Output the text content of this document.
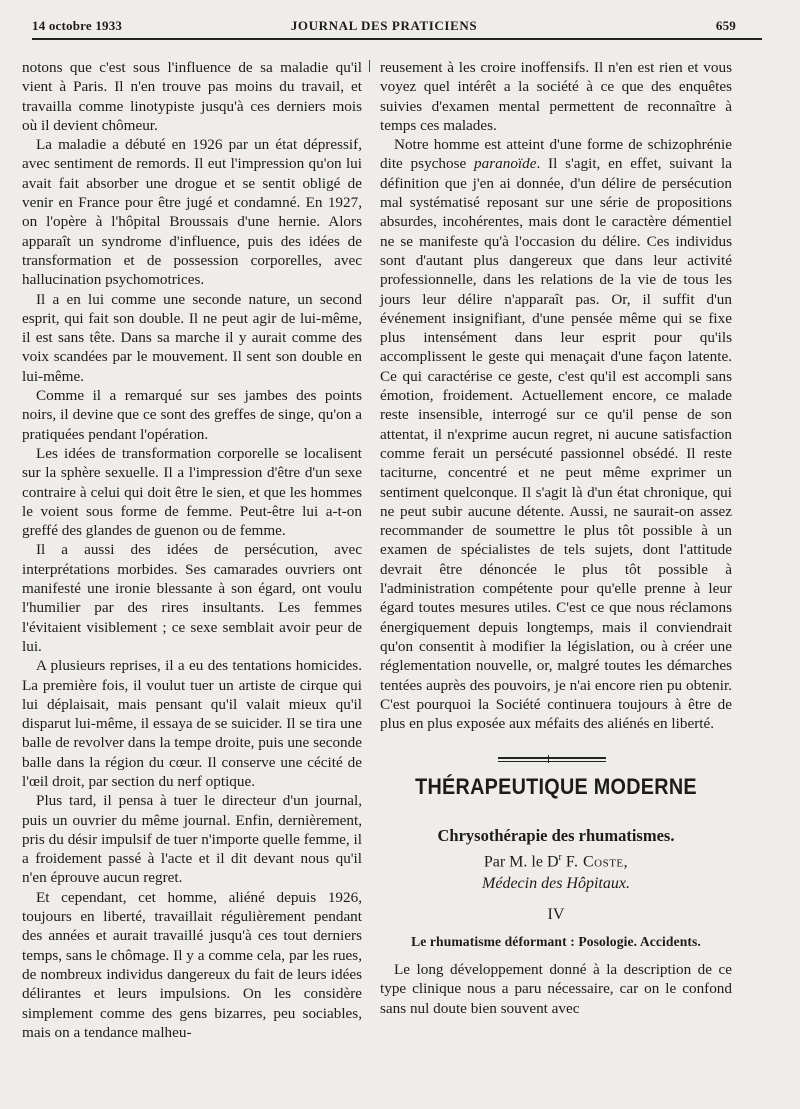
14 octobre 1933	JOURNAL DES PRATICIENS	659

notons que c'est sous l'influence de sa maladie qu'il vient à Paris. Il n'en trouve pas moins du travail, et travailla comme linotypiste jusqu'à ces derniers mois où il devient chômeur.

La maladie a débuté en 1926 par un état dépressif, avec sentiment de remords. Il eut l'impression qu'on lui avait fait absorber une drogue et se sentit obligé de venir en France pour être jugé et condamné. En 1927, on l'opère à l'hôpital Broussais d'une hernie. Alors apparaît un syndrome d'influence, puis des idées de transformation et de possession corporelles, avec hallucination psychomotrices.

Il a en lui comme une seconde nature, un second esprit, qui fait son double. Il ne peut agir de lui-même, il est sans tête. Dans sa marche il y aurait comme des voix scandées par le mouvement. Il sent son double en lui-même.

Comme il a remarqué sur ses jambes des points noirs, il devine que ce sont des greffes de singe, qu'on a pratiquées pendant l'opération.

Les idées de transformation corporelle se localisent sur la sphère sexuelle. Il a l'impression d'être d'un sexe contraire à celui qui doit être le sien, et que les hommes le voient sous forme de femme. Peut-être lui a-t-on greffé des glandes de guenon ou de femme.

Il a aussi des idées de persécution, avec interprétations morbides. Ses camarades ouvriers ont manifesté une ironie blessante à son égard, ont voulu l'humilier par des rires insultants. Les femmes l'évitaient visiblement ; ce sexe semblait avoir peur de lui.

A plusieurs reprises, il a eu des tentations homicides. La première fois, il voulut tuer un artiste de cirque qui lui déplaisait, mais pensant qu'il valait mieux qu'il disparut lui-même, il essaya de se suicider. Il se tira une balle de revolver dans la tempe droite, puis une seconde balle dans la région du cœur. Il conserve une cécité de l'œil droit, par section du nerf optique.

Plus tard, il pensa à tuer le directeur d'un journal, puis un ouvrier du même journal. Enfin, dernièrement, pris du désir impulsif de tuer n'importe quelle femme, il a froidement passé à l'acte et il dit devant nous qu'il n'en éprouve aucun regret.

Et cependant, cet homme, aliéné depuis 1926, toujours en liberté, travaillait régulièrement pendant des années et aurait travaillé jusqu'à ces tout derniers temps, sans le chômage. Il y a comme cela, par les rues, de nombreux individus dangereux du fait de leurs idées délirantes et leurs impulsions. On les considère simplement comme des gens bizarres, peu sociables, mais on a tendance malheu-

reusement à les croire inoffensifs. Il n'en est rien et vous voyez quel intérêt a la société à ce que des enquêtes suivies d'examen mental permettent de reconnaître à temps ces malades.

Notre homme est atteint d'une forme de schizophrénie dite psychose paranoïde. Il s'agit, en effet, suivant la définition que j'en ai donnée, d'un délire de persécution mal systématisé reposant sur une série de propositions absurdes, incohérentes, mais dont le caractère démentiel ne se manifeste qu'à l'occasion du délire. Ces individus sont d'autant plus dangereux que dans leur activité professionnelle, dans les relations de la vie de tous les jours leur délire n'apparaît pas. Or, il suffit d'un événement insignifiant, d'une pensée même qui se fixe plus intensément dans leur esprit pour qu'ils accomplissent le geste qui menaçait d'une façon latente. Ce qui caractérise ce geste, c'est qu'il est accompli sans émotion, froidement. Actuellement encore, ce malade reste insensible, interrogé sur ce qu'il pense de son attentat, il n'exprime aucun regret, ni aucune satisfaction comme ferait un persécuté passionnel obsédé. Il reste taciturne, concentré et ne peut même exprimer un sentiment quelconque. Il s'agit là d'un état chronique, qui ne peut subir aucune détente. Aussi, ne saurait-on assez recommander de soumettre le plus tôt possible à un examen de spécialistes de tels sujets, dont l'attitude devrait être dénoncée le plus tôt possible à l'administration compétente pour qu'elle prenne à leur égard toutes mesures utiles. C'est ce que nous réclamons énergiquement depuis longtemps, mais il conviendrait qu'on consentit à modifier la législation, ou à créer une réglementation nouvelle, or, malgré toutes les démarches tentées auprès des pouvoirs, je n'ai encore rien pu obtenir. C'est pourquoi la Société continuera toujours à être de plus en plus exposée aux méfaits des aliénés en liberté.

THÉRAPEUTIQUE MODERNE
Chrysothérapie des rhumatismes.
Par M. le $D^r$ F. Coste,
Médecin des Hôpitaux.
IV
Le rhumatisme déformant : Posologie. Accidents.

Le long développement donné à la description de ce type clinique nous a paru nécessaire, car on le confond sans nul doute bien souvent avec
